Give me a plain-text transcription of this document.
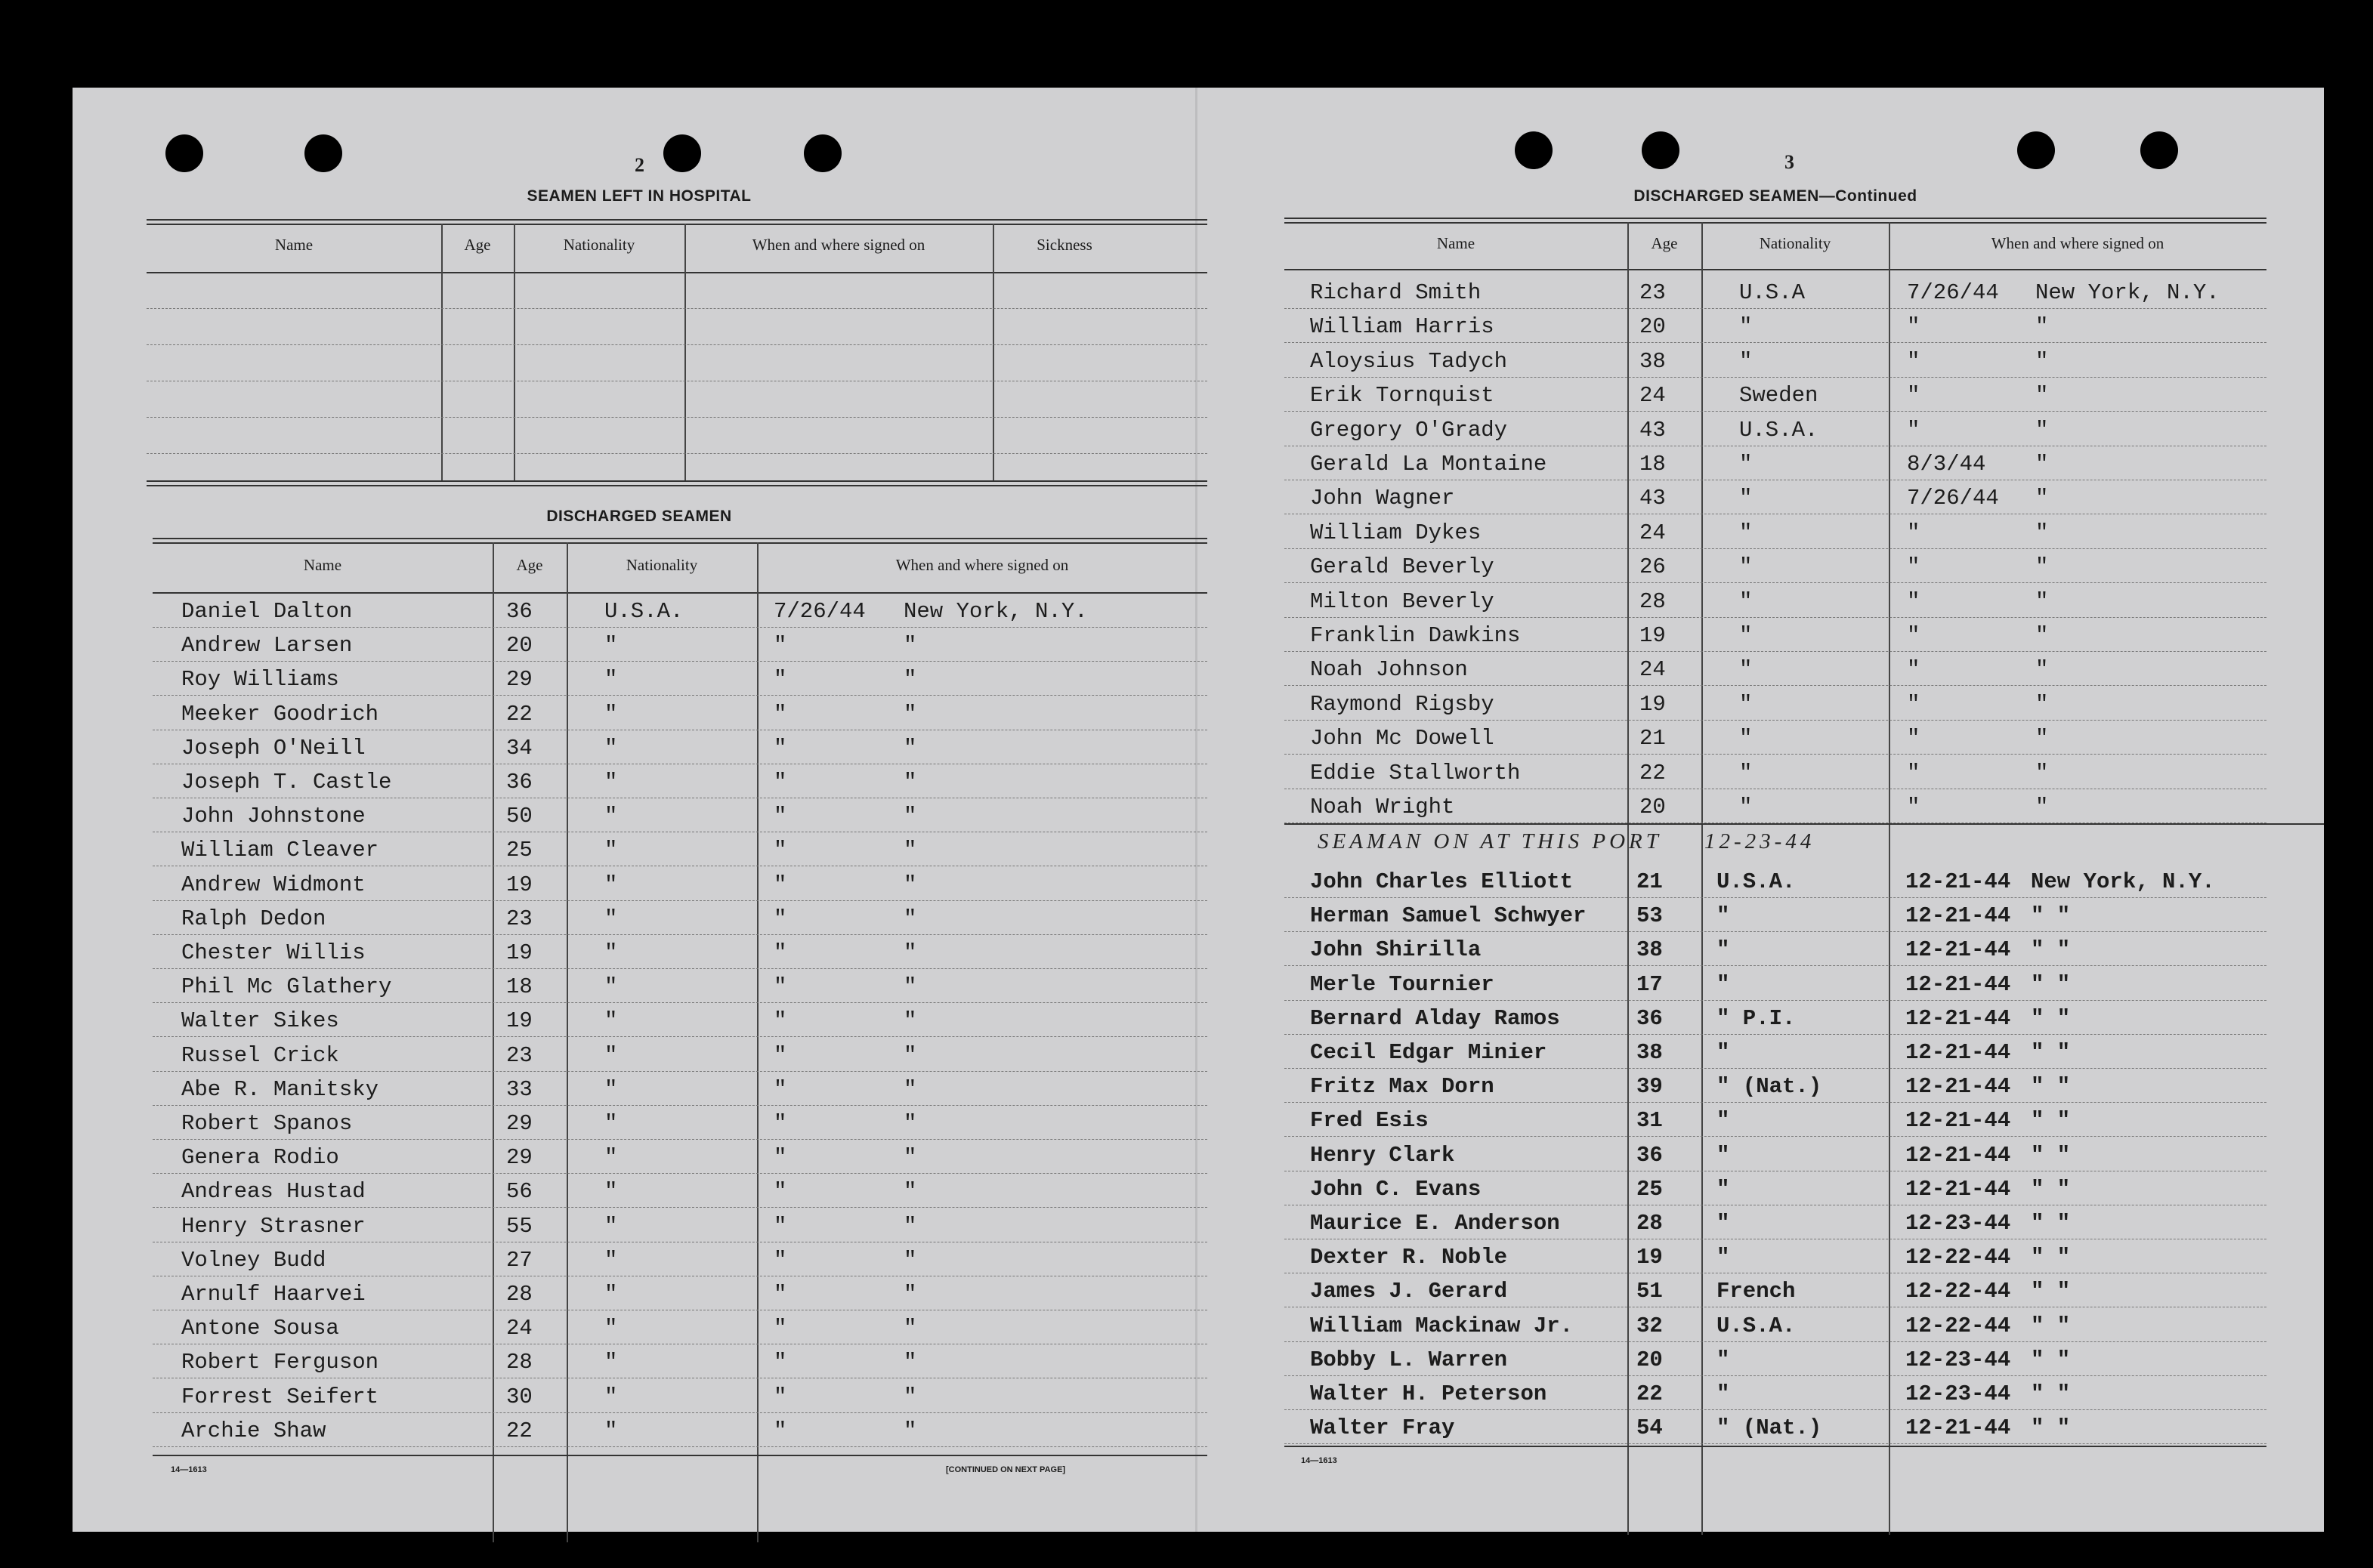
2
SEAMEN LEFT IN HOSPITAL
Name	Age	Nationality	When and where signed on	Sickness
DISCHARGED SEAMEN
Name	Age	Nationality	When and where signed on
Daniel Dalton	36	U.S.A.	7/26/44 New York, N.Y.
Andrew Larsen	20	"	"	"
Roy Williams	29	"	"	"
Meeker Goodrich	22	"	"	"
Joseph O'Neill	34	"	"	"
Joseph T. Castle	36	"	"	"
John Johnstone	50	"	"	"
William Cleaver	25	"	"	"
Andrew Widmont	19	"	"	"
Ralph Dedon	23	"	"	"
Chester Willis	19	"	"	"
Phil Mc Glathery	18	"	"	"
Walter Sikes	19	"	"	"
Russel Crick	23	"	"	"
Abe R. Manitsky	33	"	"	"
Robert Spanos	29	"	"	"
Genera Rodio	29	"	"	"
Andreas Hustad	56	"	"	"
Henry Strasner	55	"	"	"
Volney Budd	27	"	"	"
Arnulf Haarvei	28	"	"	"
Antone Sousa	24	"	"	"
Robert Ferguson	28	"	"	"
Forrest Seifert	30	"	"	"
Archie Shaw	22	"	"	"
14—1613	[CONTINUED ON NEXT PAGE]
3
DISCHARGED SEAMEN—Continued
Name	Age	Nationality	When and where signed on
Richard Smith	23	U.S.A	7/26/44 New York, N.Y.
William Harris	20	"	"	"
Aloysius Tadych	38	"	"	"
Erik Tornquist	24	Sweden	"	"
Gregory O'Grady	43	U.S.A.	"	"
Gerald La Montaine	18	"	8/3/44 "
John Wagner	43	"	7/26/44 "
William Dykes	24	"	"	"
Gerald Beverly	26	"	"	"
Milton Beverly	28	"	"	"
Franklin Dawkins	19	"	"	"
Noah Johnson	24	"	"	"
Raymond Rigsby	19	"	"	"
John Mc Dowell	21	"	"	"
Eddie Stallworth	22	"	"	"
Noah Wright	20	"	"	"
SEAMAN ON AT THIS PORT 12-23-44
John Charles Elliott	21 U.S.A.	12-21-44 New York, N.Y.
Herman Samuel Schwyer 53 "	12-21-44 " "
John Shirilla	38 "	12-21-44 " "
Merle Tournier	17 "	12-21-44 " "
Bernard Alday Ramos	36 " P.I.	12-21-44 " "
Cecil Edgar Minier	38 "	12-21-44 " "
Fritz Max Dorn	39 " (Nat.)	12-21-44 " "
Fred Esis	31 "	12-21-44 " "
Henry Clark	36 "	12-21-44 " "
John C. Evans	25 "	12-21-44 " "
Maurice E. Anderson	28 "	12-23-44 " "
Dexter R. Noble	19 "	12-22-44 " "
James J. Gerard	51 French	12-22-44 " "
William Mackinaw Jr.	32 U.S.A.	12-22-44 " "
Bobby L. Warren	20 "	12-23-44 " "
Walter H. Peterson	22 "	12-23-44 " "
Walter Fray	54 " (Nat.)	12-21-44 " "
14—1613
